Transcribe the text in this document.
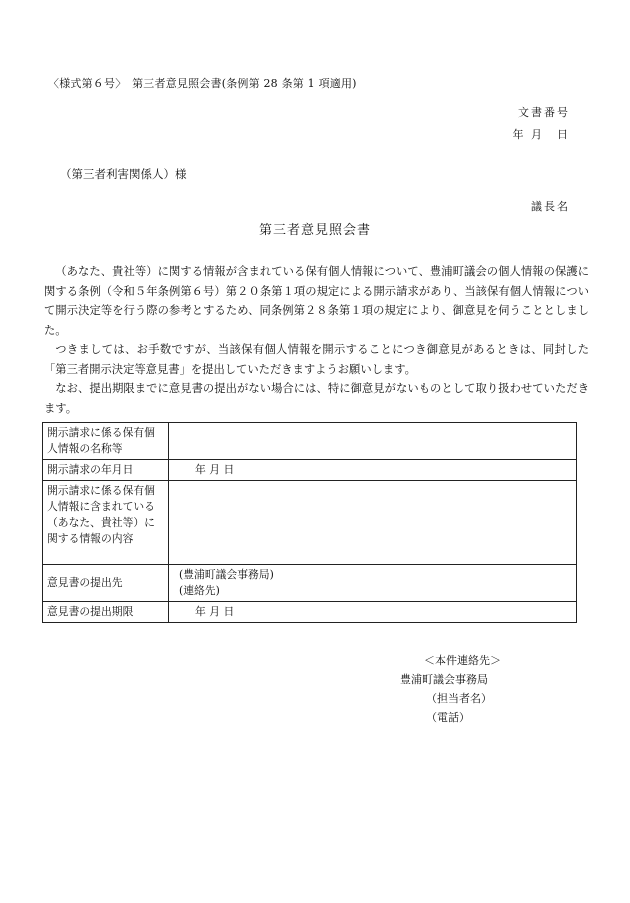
〈様式第６号〉　第三者意見照会書(条例第 28 条第 1 項適用)
文書番号
年 月　日
（第三者利害関係人）様
議長名
第三者意見照会書

（あなた、貴社等）に関する情報が含まれている保有個人情報について、豊浦町議会の個人情報の保護に関する条例（令和５年条例第６号）第２０条第１項の規定による開示請求があり、当該保有個人情報について開示決定等を行う際の参考とするため、同条例第２８条第１項の規定により、御意見を伺うこととしました。

つきましては、お手数ですが、当該保有個人情報を開示することにつき御意見があるときは、同封した「第三者開示決定等意見書」を提出していただきますようお願いします。

なお、提出期限までに意見書の提出がない場合には、特に御意見がないものとして取り扱わせていただきます。

開示請求に係る保有個人情報の名称等	
開示請求の年月日	年 月 日
開示請求に係る保有個人情報に含まれている（あなた、貴社等）に関する情報の内容	
意見書の提出先	(豊浦町議会事務局)
(連絡先)

意見書の提出期限	年 月 日
＜本件連絡先＞
豊浦町議会事務局
（担当者名）
（電話）
